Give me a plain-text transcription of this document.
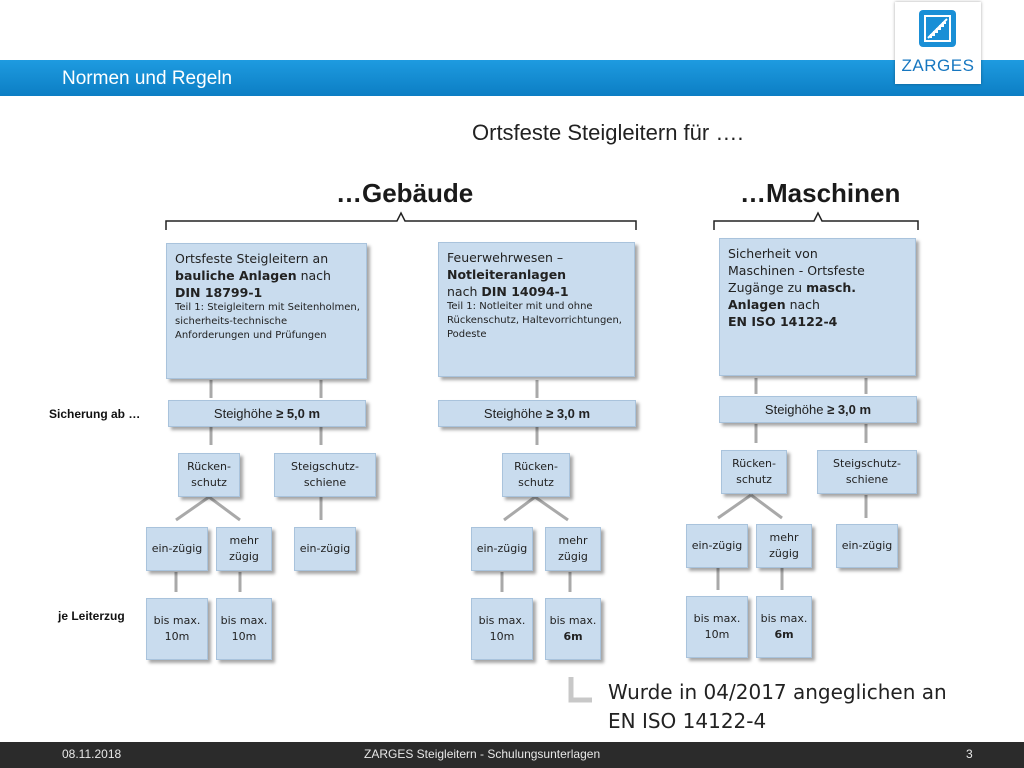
Normen und Regeln
ZARGES
Ortsfeste Steigleitern für ….
…Gebäude	…Maschinen
Ortsfeste Steigleitern an
bauliche Anlagen nach
DIN 18799-1
Teil 1: Steigleitern mit Seitenholmen, sicherheits-technische Anforderungen und Prüfungen
Feuerwehrwesen –
Notleiteranlagen
nach DIN 14094-1
Teil 1: Notleiter mit und ohne Rückenschutz, Haltevorrichtungen, Podeste
Sicherheit von
Maschinen - Ortsfeste
Zugänge zu masch.
Anlagen nach
EN ISO 14122-4
Sicherung ab …
je Leiterzug
Steighöhe ≥ 5,0 m	Steighöhe ≥ 3,0 m	Steighöhe ≥ 3,0 m
Rücken-schutz
Steigschutz-schiene
ein-zügig
mehr zügig
ein-zügig
bis max.
10m
bis max.
10m
Rücken-schutz
ein-zügig
mehr zügig
bis max.
10m
bis max.
6m
Rücken-schutz
Steigschutz-schiene
ein-zügig
mehr zügig
ein-zügig
bis max.
10m
bis max.
6m
Wurde in 04/2017 angeglichen an
EN ISO 14122-4
08.11.2018	ZARGES Steigleitern - Schulungsunterlagen	3
